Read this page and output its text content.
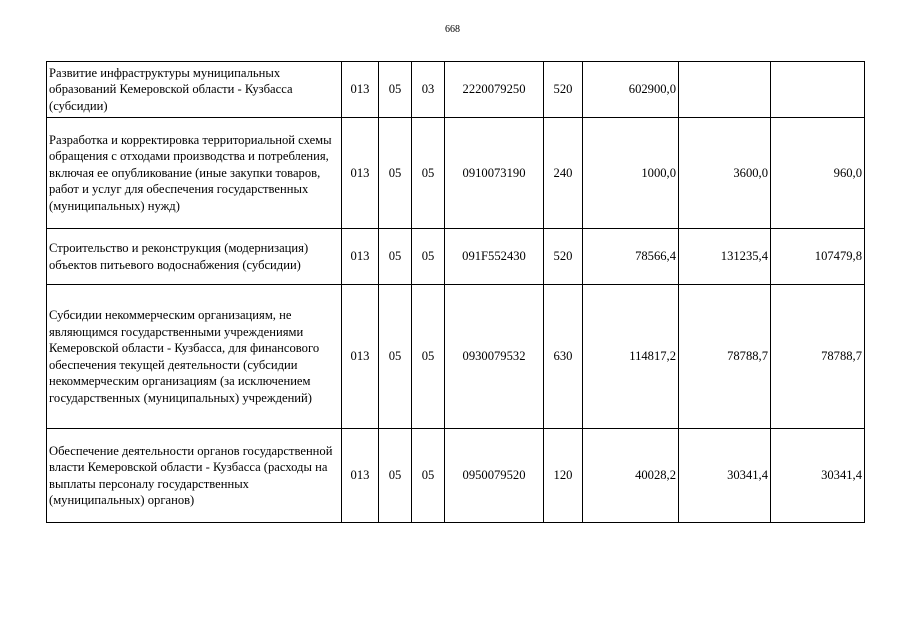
668
Развитие инфраструктуры муниципальных образований Кемеровской области - Кузбасса (субсидии)	013	05	03	2220079250	520	602900,0		
Разработка и корректировка территориальной схемы обращения с отходами производства и потребления, включая ее опубликование (иные закупки товаров, работ и услуг для обеспечения государственных (муниципальных) нужд)	013	05	05	0910073190	240	1000,0	3600,0	960,0
Строительство и реконструкция (модернизация) объектов питьевого водоснабжения (субсидии)	013	05	05	091F552430	520	78566,4	131235,4	107479,8
Субсидии некоммерческим организациям, не являющимся государственными учреждениями Кемеровской области - Кузбасса, для финансового обеспечения текущей деятельности (субсидии некоммерческим организациям (за исключением государственных (муниципальных) учреждений)	013	05	05	0930079532	630	114817,2	78788,7	78788,7
Обеспечение деятельности органов государственной власти Кемеровской области - Кузбасса (расходы на выплаты персоналу государственных (муниципальных) органов)	013	05	05	0950079520	120	40028,2	30341,4	30341,4
